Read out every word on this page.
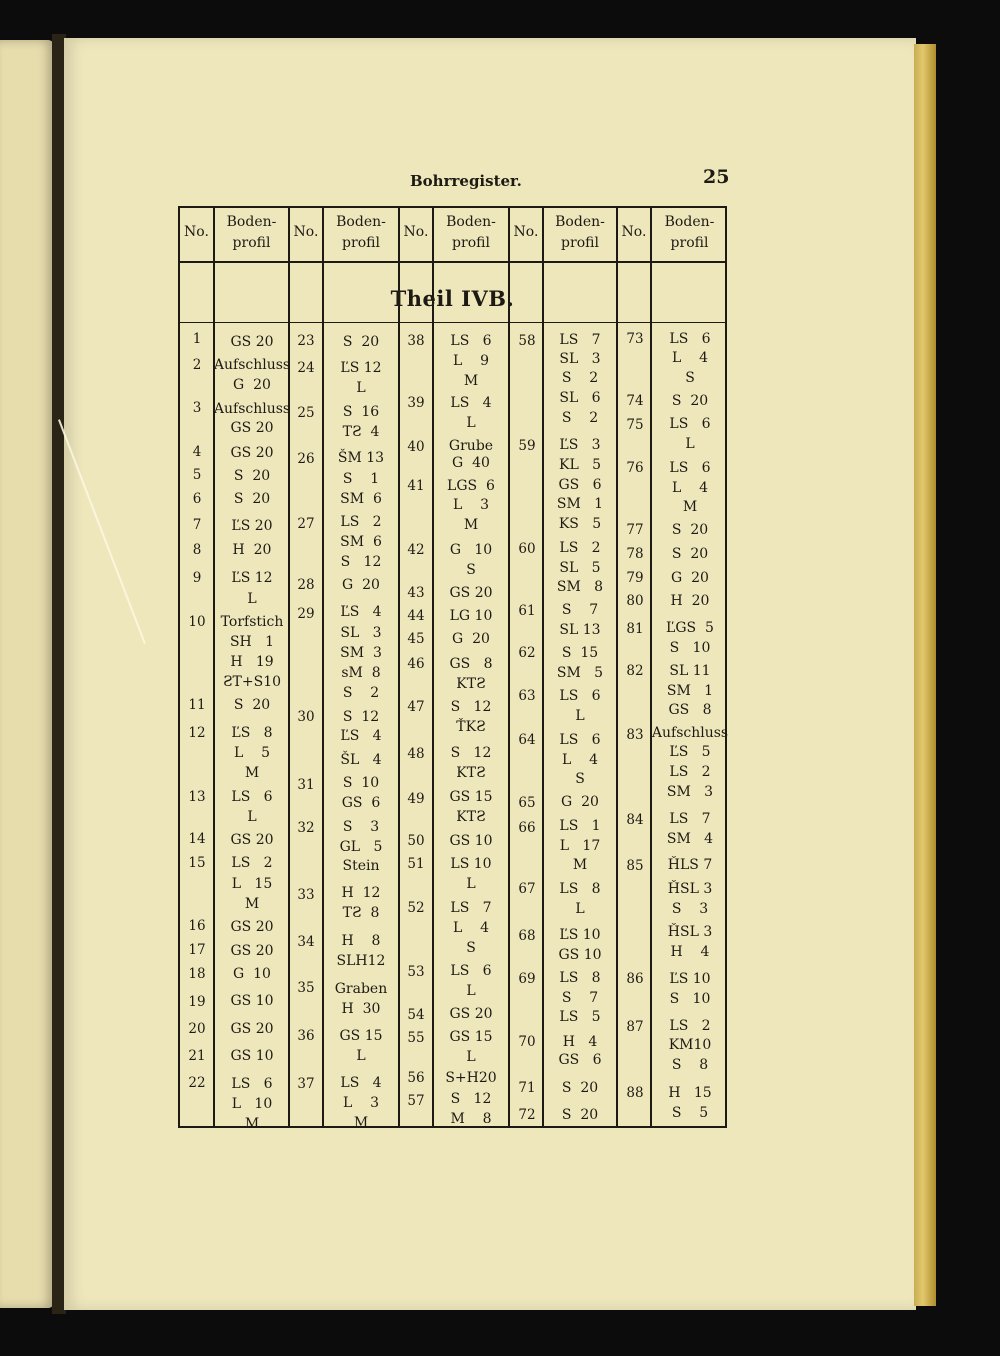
Bohrregister.	25
No.
Boden-
profil
No.
Boden-
profil
No.
Boden-
profil
No.
Boden-
profil
No.
Boden-
profil
Theil IVB.
1
2
3
4
5
6
7
8
9
10
11
12
13
14
15
16
17
18
19
20
21
22
GS 20
Aufschluss
G  20
Aufschluss
GS 20
GS 20
S  20
S  20
ĽS 20
H  20
ĽS 12
L
Torfstich
SH   1
H   19
ƧT+S10
S  20
ĽS   8
L    5
M
LS   6
L
GS 20
LS   2
L   15
M
GS 20
GS 20
G  10
GS 10
GS 20
GS 10
LS   6
L   10
M
23
24
25
26
27
28
29
30
31
32
33
34
35
36
37
S  20
ĽS 12
L
S  16
TƧ  4
ŠM 13
S    1
SM  6
LS   2
SM  6
S   12
G  20
ĽS   4
SL   3
SM  3
sM  8
S    2
S  12
ĽS   4
ŠL   4
S  10
GS  6
S    3
GL   5
Stein
H  12
TƧ  8
H    8
SLH12
Graben
H  30
GS 15
L
LS   4
L    3
M
38
39
40
41
42
43
44
45
46
47
48
49
50
51
52
53
54
55
56
57
LS   6
L    9
M
LS   4
L
Grube
G  40
LGS  6
L    3
M
G   10
S
GS 20
LG 10
G  20
GS   8
KTƧ
S   12
ŤKƧ
S   12
KTƧ
GS 15
KTƧ
GS 10
LS 10
L
LS   7
L    4
S
LS   6
L
GS 20
GS 15
L
S+H20
S   12
M    8
58
59
60
61
62
63
64
65
66
67
68
69
70
71
72
LS   7
SL   3
S    2
SL   6
S    2
ĽS   3
KL   5
GS   6
SM   1
KS   5
LS   2
SL   5
SM   8
S    7
SL 13
S  15
SM   5
LS   6
L
LS   6
L    4
S
G  20
LS   1
L   17
M
LS   8
L
ĽS 10
GS 10
LS   8
S    7
LS   5
H   4
GS   6
S  20
S  20
73
74
75
76
77
78
79
80
81
82
83
84
85
86
87
88
LS   6
L    4
S
S  20
LS   6
L
LS   6
L    4
M
S  20
S  20
G  20
H  20
ĽGS  5
S   10
SL 11
SM   1
GS   8
Aufschluss
ĽS   5
LS   2
SM   3
LS   7
SM   4
ȞLS 7
ȞSL 3
S    3
ȞSL 3
H    4
ĽS 10
S   10
LS   2
KM10
S    8
H   15
S    5
